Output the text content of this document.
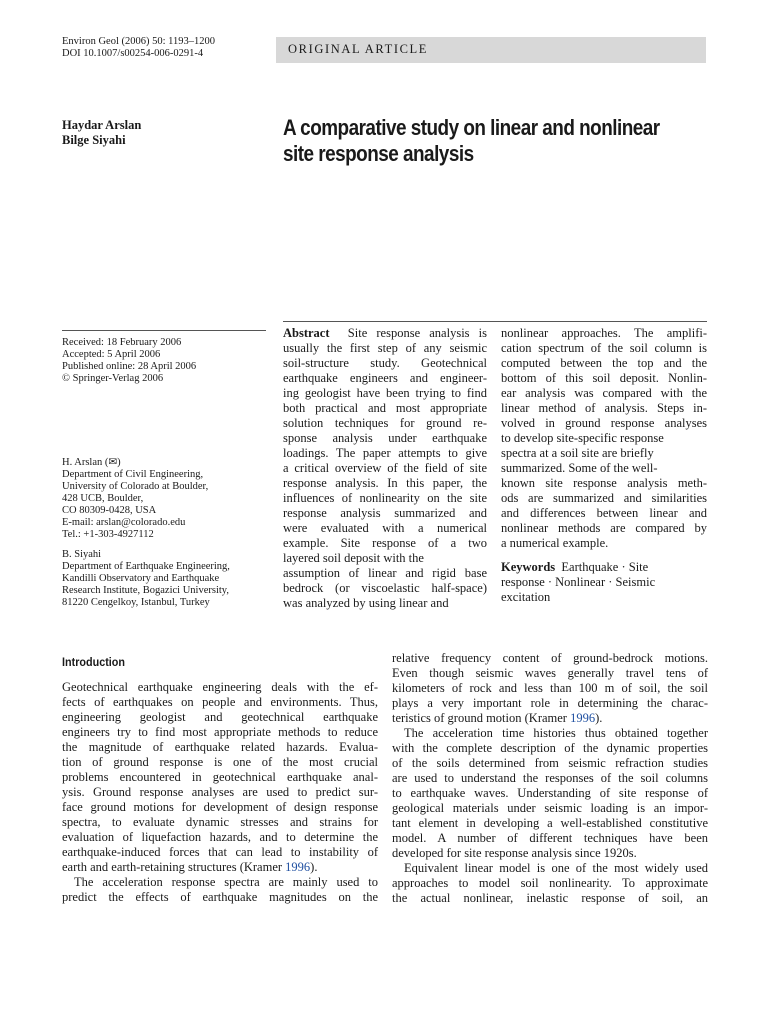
Environ Geol (2006) 50: 1193–1200
DOI 10.1007/s00254-006-0291-4	ORIGINAL ARTICLE
Haydar Arslan
Bilge Siyahi	A comparative study on linear and nonlinear
site response analysis
Received: 18 February 2006
Accepted: 5 April 2006
Published online: 28 April 2006
© Springer-Verlag 2006
H. Arslan (✉)
Department of Civil Engineering,
University of Colorado at Boulder,
428 UCB, Boulder,
CO 80309-0428, USA
E-mail: arslan@colorado.edu
Tel.: +1-303-4927112
B. Siyahi
Department of Earthquake Engineering,
Kandilli Observatory and Earthquake
Research Institute, Bogazici University,
81220 Cengelkoy, Istanbul, Turkey
Abstract Site response analysis is
usually the first step of any seismic
soil-structure study. Geotechnical
earthquake engineers and engineer-
ing geologist have been trying to find
both practical and most appropriate
solution techniques for ground re-
sponse analysis under earthquake
loadings. The paper attempts to give
a critical overview of the field of site
response analysis. In this paper, the
influences of nonlinearity on the site
response analysis summarized and
were evaluated with a numerical
example. Site response of a two
layered soil deposit with the
assumption of linear and rigid base
bedrock (or viscoelastic half-space)
was analyzed by using linear and
nonlinear approaches. The amplifi-
cation spectrum of the soil column is
computed between the top and the
bottom of this soil deposit. Nonlin-
ear analysis was compared with the
linear method of analysis. Steps in-
volved in ground response analyses
to develop site-specific response
spectra at a soil site are briefly
summarized. Some of the well-
known site response analysis meth-
ods are summarized and similarities
and differences between linear and
nonlinear methods are compared by
a numerical example.
Keywords Earthquake · Site
response · Nonlinear · Seismic
excitation
Introduction
Geotechnical earthquake engineering deals with the ef-
fects of earthquakes on people and environments. Thus,
engineering geologist and geotechnical earthquake
engineers try to find most appropriate methods to reduce
the magnitude of earthquake related hazards. Evalua-
tion of ground response is one of the most crucial
problems encountered in geotechnical earthquake anal-
ysis. Ground response analyses are used to predict sur-
face ground motions for development of design response
spectra, to evaluate dynamic stresses and strains for
evaluation of liquefaction hazards, and to determine the
earthquake-induced forces that can lead to instability of
earth and earth-retaining structures (Kramer 1996).
The acceleration response spectra are mainly used to
predict the effects of earthquake magnitudes on the
relative frequency content of ground-bedrock motions.
Even though seismic waves generally travel tens of
kilometers of rock and less than 100 m of soil, the soil
plays a very important role in determining the charac-
teristics of ground motion (Kramer 1996).
The acceleration time histories thus obtained together
with the complete description of the dynamic properties
of the soils determined from seismic refraction studies
are used to understand the responses of the soil columns
to earthquake waves. Understanding of site response of
geological materials under seismic loading is an impor-
tant element in developing a well-established constitutive
model. A number of different techniques have been
developed for site response analysis since 1920s.
Equivalent linear model is one of the most widely used
approaches to model soil nonlinearity. To approximate
the actual nonlinear, inelastic response of soil, an
